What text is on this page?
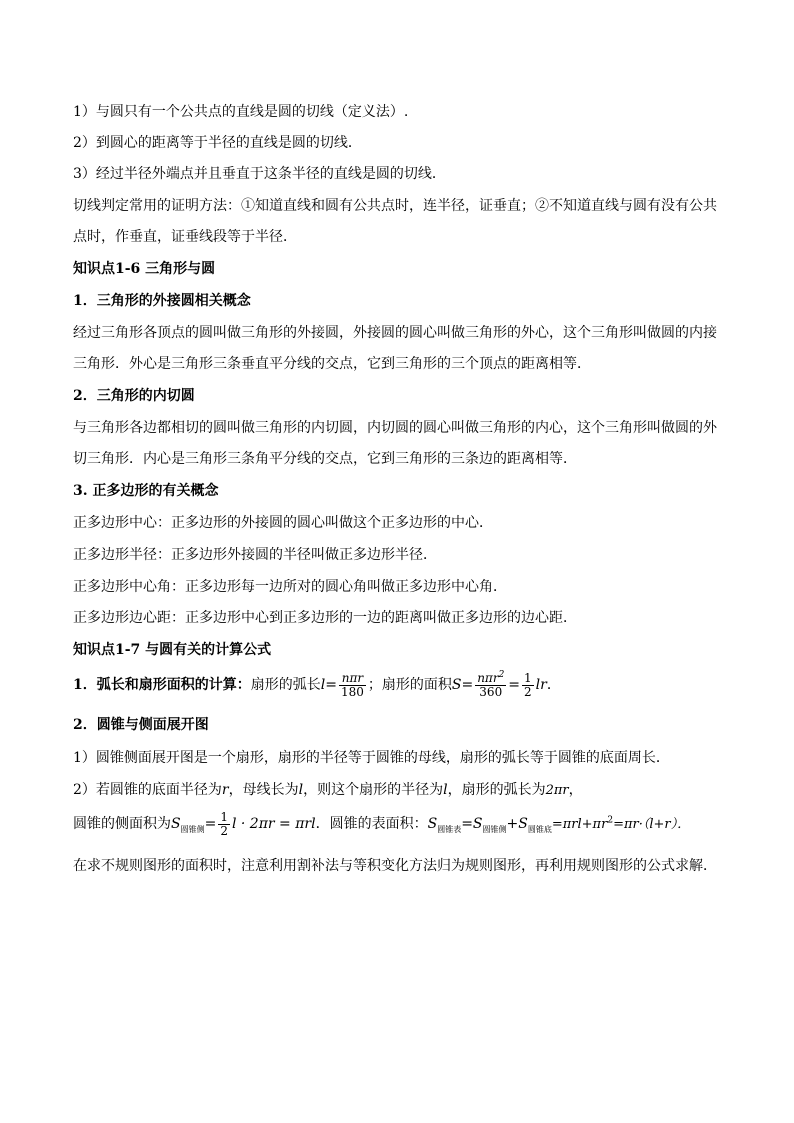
1）与圆只有一个公共点的直线是圆的切线（定义法）.
2）到圆心的距离等于半径的直线是圆的切线．
3）经过半径外端点并且垂直于这条半径的直线是圆的切线．
切线判定常用的证明方法：①知道直线和圆有公共点时，连半径，证垂直；②不知道直线与圆有没有公共
点时，作垂直，证垂线段等于半径．
知识点1-6 三角形与圆
1．三角形的外接圆相关概念
经过三角形各顶点的圆叫做三角形的外接圆，外接圆的圆心叫做三角形的外心，这个三角形叫做圆的内接
三角形．外心是三角形三条垂直平分线的交点，它到三角形的三个顶点的距离相等．
2．三角形的内切圆
与三角形各边都相切的圆叫做三角形的内切圆，内切圆的圆心叫做三角形的内心，这个三角形叫做圆的外
切三角形．内心是三角形三条角平分线的交点，它到三角形的三条边的距离相等．
3. 正多边形的有关概念
正多边形中心：正多边形的外接圆的圆心叫做这个正多边形的中心．
正多边形半径：正多边形外接圆的半径叫做正多边形半径．
正多边形中心角：正多边形每一边所对的圆心角叫做正多边形中心角．
正多边形边心距：正多边形中心到正多边形的一边的距离叫做正多边形的边心距．
知识点1-7 与圆有关的计算公式
1．弧长和扇形面积的计算：扇形的弧长$l= \frac{\text{nπr}}{180}$ ；扇形的面积$S= \frac{n\pi r^2}{360} = \frac{1}{2}$ lr．
2．圆锥与侧面展开图
1）圆锥侧面展开图是一个扇形，扇形的半径等于圆锥的母线，扇形的弧长等于圆锥的底面周长．
2）若圆锥的底面半径为r，母线长为l，则这个扇形的半径为l，扇形的弧长为2πr，
圆锥的侧面积为$S_{圆锥侧}= \frac{1}{2}$ l · 2πr = πrl．圆锥的表面积：$S_{圆锥表}=S_{圆锥侧}+S_{圆锥底}=\pi rl+\pi r^2=\pi r\cdot(l+r)$．
在求不规则图形的面积时，注意利用割补法与等积变化方法归为规则图形，再利用规则图形的公式求解．
